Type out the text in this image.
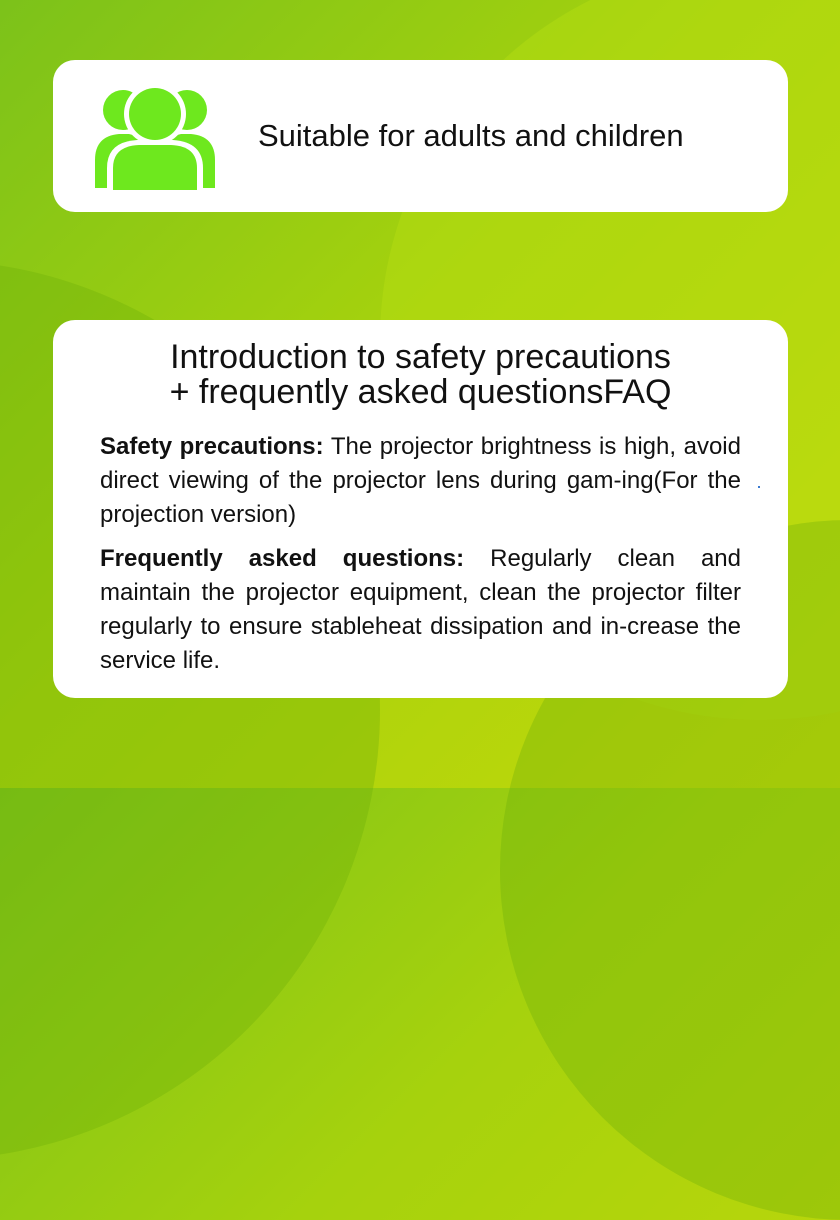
Suitable for adults and children
Introduction to safety precautions
+ frequently asked questionsFAQ

Safety precautions: The projector brightness is high, avoid direct viewing of the projector lens during gam-ing(For the projection version)

Frequently asked questions: Regularly clean and maintain the projector equipment, clean the projector filter regularly to ensure stableheat dissipation and in-crease the service life.
